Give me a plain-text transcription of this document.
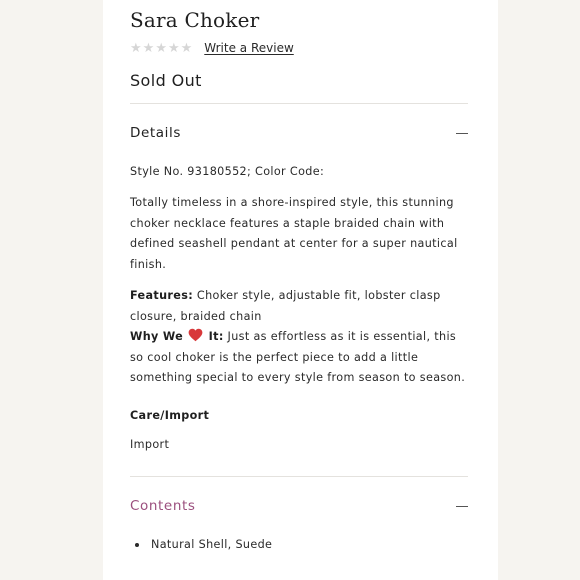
Sara Choker
★ ★ ★ ★ ★ Write a Review
Sold Out
Details
Style No. 93180552; Color Code:
Totally timeless in a shore-inspired style, this stunning choker necklace features a staple braided chain with defined seashell pendant at center for a super nautical finish.
Features: Choker style, adjustable fit, lobster clasp closure, braided chain
Why We  It: Just as effortless as it is essential, this so cool choker is the perfect piece to add a little something special to every style from season to season.
Care/Import
Import
Contents
Natural Shell, Suede
